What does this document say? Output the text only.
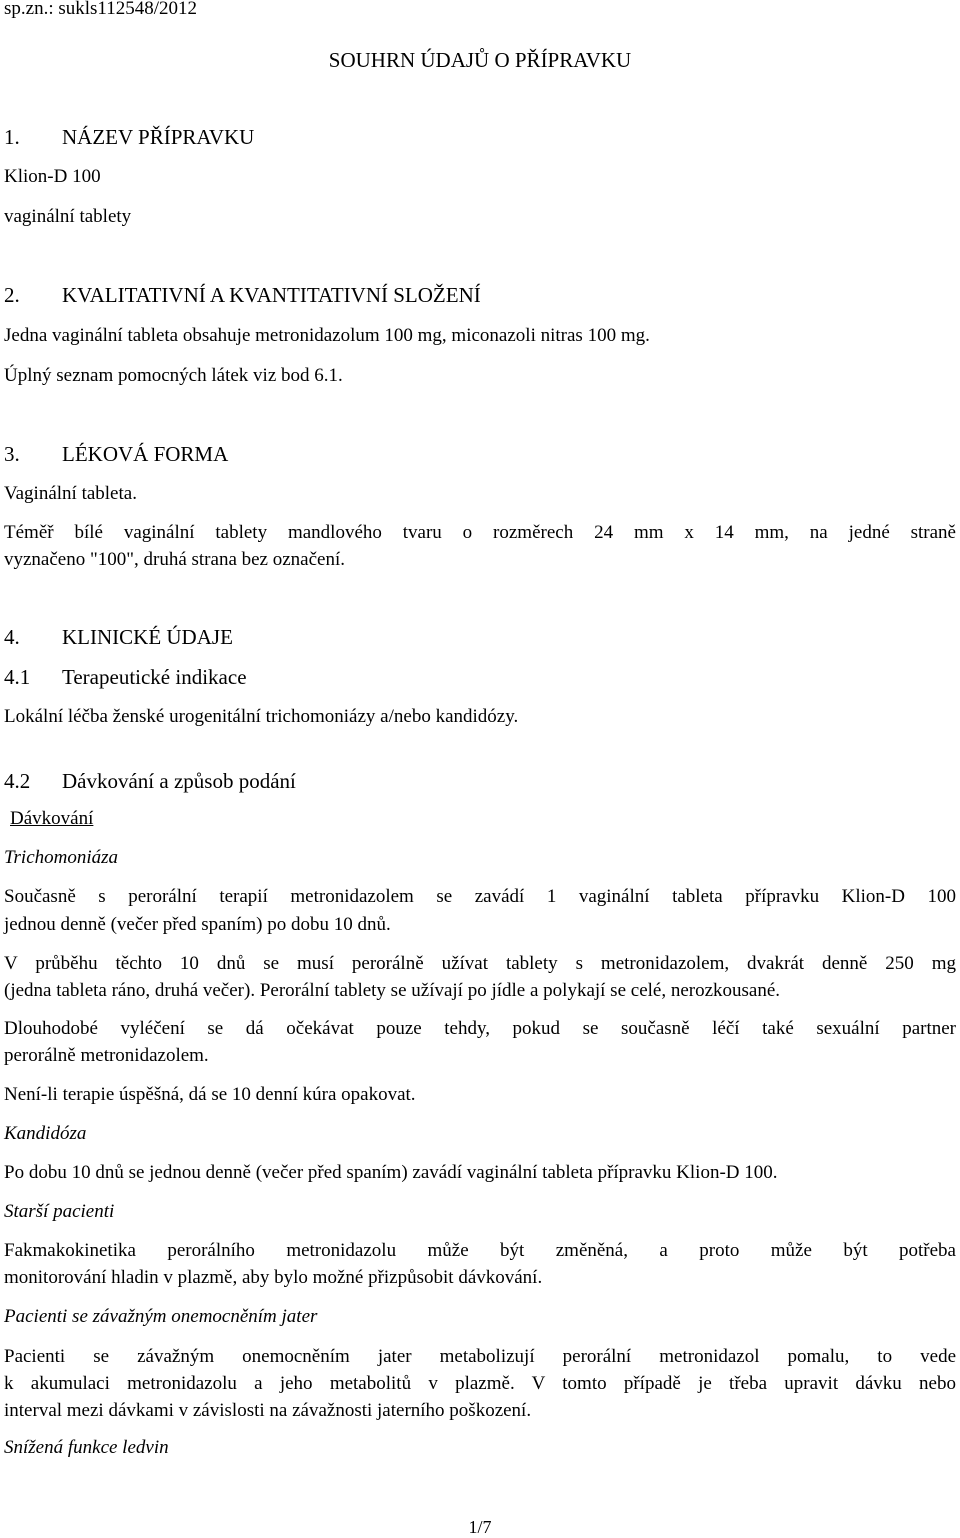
sp.zn.: sukls112548/2012
SOUHRN ÚDAJŮ O PŘÍPRAVKU
1. NÁZEV PŘÍPRAVKU
Klion-D 100
vaginální tablety
2. KVALITATIVNÍ A KVANTITATIVNÍ SLOŽENÍ
Jedna vaginální tableta obsahuje metronidazolum 100 mg, miconazoli nitras 100 mg.
Úplný seznam pomocných látek viz bod 6.1.
3. LÉKOVÁ FORMA
Vaginální tableta.
Téměř bílé vaginální tablety mandlového tvaru o rozměrech 24 mm x 14 mm, na jedné straně
vyznačeno "100", druhá strana bez označení.
4. KLINICKÉ ÚDAJE
4.1 Terapeutické indikace
Lokální léčba ženské urogenitální trichomoniázy a/nebo kandidózy.
4.2 Dávkování a způsob podání
Dávkování
Trichomoniáza
Současně s perorální terapií metronidazolem se zavádí 1 vaginální tableta přípravku Klion-D 100
jednou denně (večer před spaním) po dobu 10 dnů.
V průběhu těchto 10 dnů se musí perorálně užívat tablety s metronidazolem, dvakrát denně 250 mg
(jedna tableta ráno, druhá večer). Perorální tablety se užívají po jídle a polykají se celé, nerozkousané.
Dlouhodobé vyléčení se dá očekávat pouze tehdy, pokud se současně léčí také sexuální partner
perorálně metronidazolem.
Není-li terapie úspěšná, dá se 10 denní kúra opakovat.
Kandidóza
Po dobu 10 dnů se jednou denně (večer před spaním) zavádí vaginální tableta přípravku Klion-D 100.
Starší pacienti
Fakmakokinetika perorálního metronidazolu může být změněná, a proto může být potřeba
monitorování hladin v plazmě, aby bylo možné přizpůsobit dávkování.
Pacienti se závažným onemocněním jater
Pacienti se závažným onemocněním jater metabolizují perorální metronidazol pomalu, to vede
k akumulaci metronidazolu a jeho metabolitů v plazmě. V tomto případě je třeba upravit dávku nebo
interval mezi dávkami v závislosti na závažnosti jaterního poškození.
Snížená funkce ledvin
1/7
